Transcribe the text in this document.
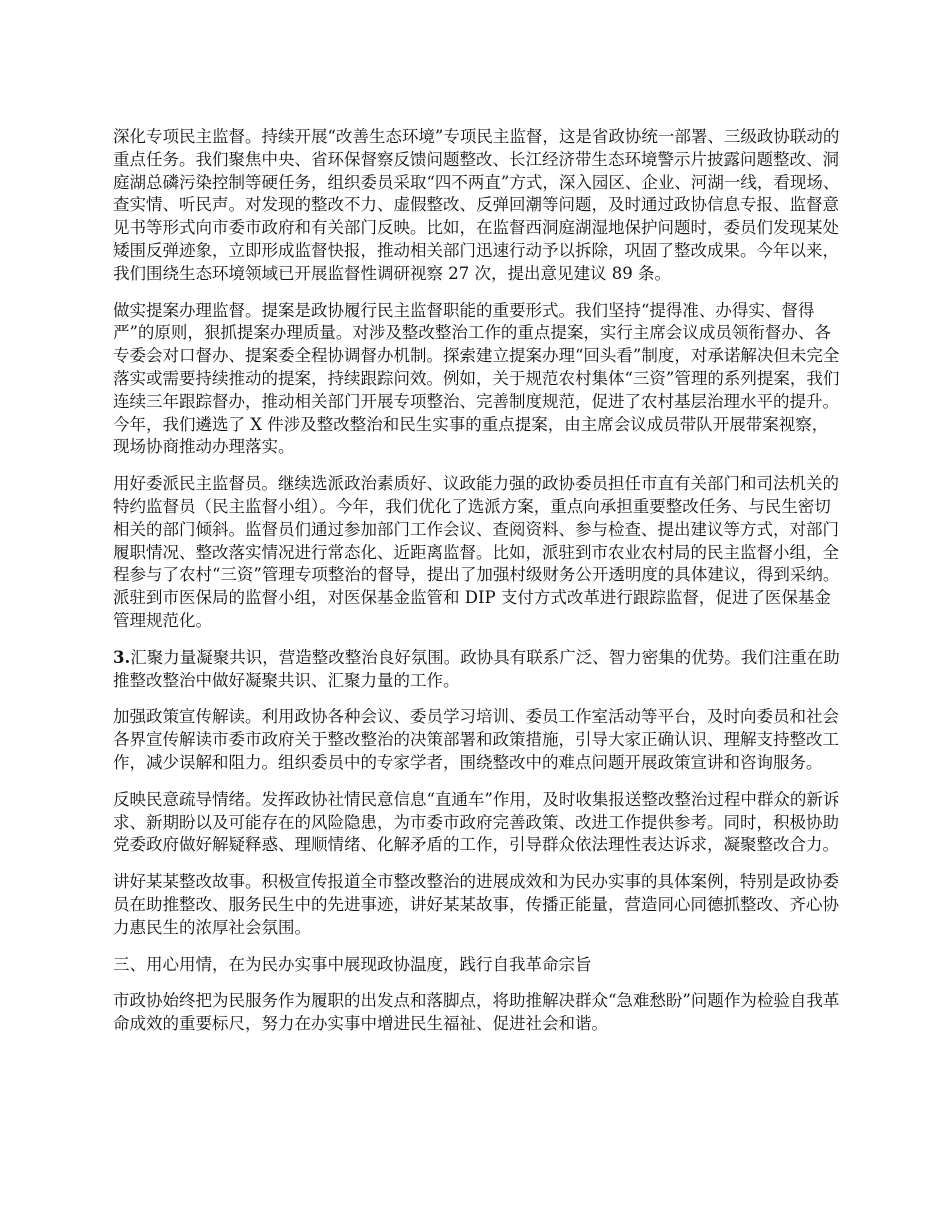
深化专项民主监督。持续开展“改善生态环境”专项民主监督，这是省政协统一部署、三级政协联动的重点任务。我们聚焦中央、省环保督察反馈问题整改、长江经济带生态环境警示片披露问题整改、洞庭湖总磷污染控制等硬任务，组织委员采取“四不两直”方式，深入园区、企业、河湖一线，看现场、查实情、听民声。对发现的整改不力、虚假整改、反弹回潮等问题，及时通过政协信息专报、监督意见书等形式向市委市政府和有关部门反映。比如，在监督西洞庭湖湿地保护问题时，委员们发现某处矮围反弹迹象，立即形成监督快报，推动相关部门迅速行动予以拆除，巩固了整改成果。今年以来，我们围绕生态环境领域已开展监督性调研视察 27 次，提出意见建议 89 条。

做实提案办理监督。提案是政协履行民主监督职能的重要形式。我们坚持“提得准、办得实、督得严”的原则，狠抓提案办理质量。对涉及整改整治工作的重点提案，实行主席会议成员领衔督办、各专委会对口督办、提案委全程协调督办机制。探索建立提案办理“回头看”制度，对承诺解决但未完全落实或需要持续推动的提案，持续跟踪问效。例如，关于规范农村集体“三资”管理的系列提案，我们连续三年跟踪督办，推动相关部门开展专项整治、完善制度规范，促进了农村基层治理水平的提升。今年，我们遴选了 X 件涉及整改整治和民生实事的重点提案，由主席会议成员带队开展带案视察，现场协商推动办理落实。

用好委派民主监督员。继续选派政治素质好、议政能力强的政协委员担任市直有关部门和司法机关的特约监督员（民主监督小组）。今年，我们优化了选派方案，重点向承担重要整改任务、与民生密切相关的部门倾斜。监督员们通过参加部门工作会议、查阅资料、参与检查、提出建议等方式，对部门履职情况、整改落实情况进行常态化、近距离监督。比如，派驻到市农业农村局的民主监督小组，全程参与了农村“三资”管理专项整治的督导，提出了加强村级财务公开透明度的具体建议，得到采纳。派驻到市医保局的监督小组，对医保基金监管和 DIP 支付方式改革进行跟踪监督，促进了医保基金管理规范化。

3.汇聚力量凝聚共识，营造整改整治良好氛围。政协具有联系广泛、智力密集的优势。我们注重在助推整改整治中做好凝聚共识、汇聚力量的工作。

加强政策宣传解读。利用政协各种会议、委员学习培训、委员工作室活动等平台，及时向委员和社会各界宣传解读市委市政府关于整改整治的决策部署和政策措施，引导大家正确认识、理解支持整改工作，减少误解和阻力。组织委员中的专家学者，围绕整改中的难点问题开展政策宣讲和咨询服务。

反映民意疏导情绪。发挥政协社情民意信息“直通车”作用，及时收集报送整改整治过程中群众的新诉求、新期盼以及可能存在的风险隐患，为市委市政府完善政策、改进工作提供参考。同时，积极协助党委政府做好解疑释惑、理顺情绪、化解矛盾的工作，引导群众依法理性表达诉求，凝聚整改合力。

讲好某某整改故事。积极宣传报道全市整改整治的进展成效和为民办实事的具体案例，特别是政协委员在助推整改、服务民生中的先进事迹，讲好某某故事，传播正能量，营造同心同德抓整改、齐心协力惠民生的浓厚社会氛围。

三、用心用情，在为民办实事中展现政协温度，践行自我革命宗旨

市政协始终把为民服务作为履职的出发点和落脚点，将助推解决群众“急难愁盼”问题作为检验自我革命成效的重要标尺，努力在办实事中增进民生福祉、促进社会和谐。
